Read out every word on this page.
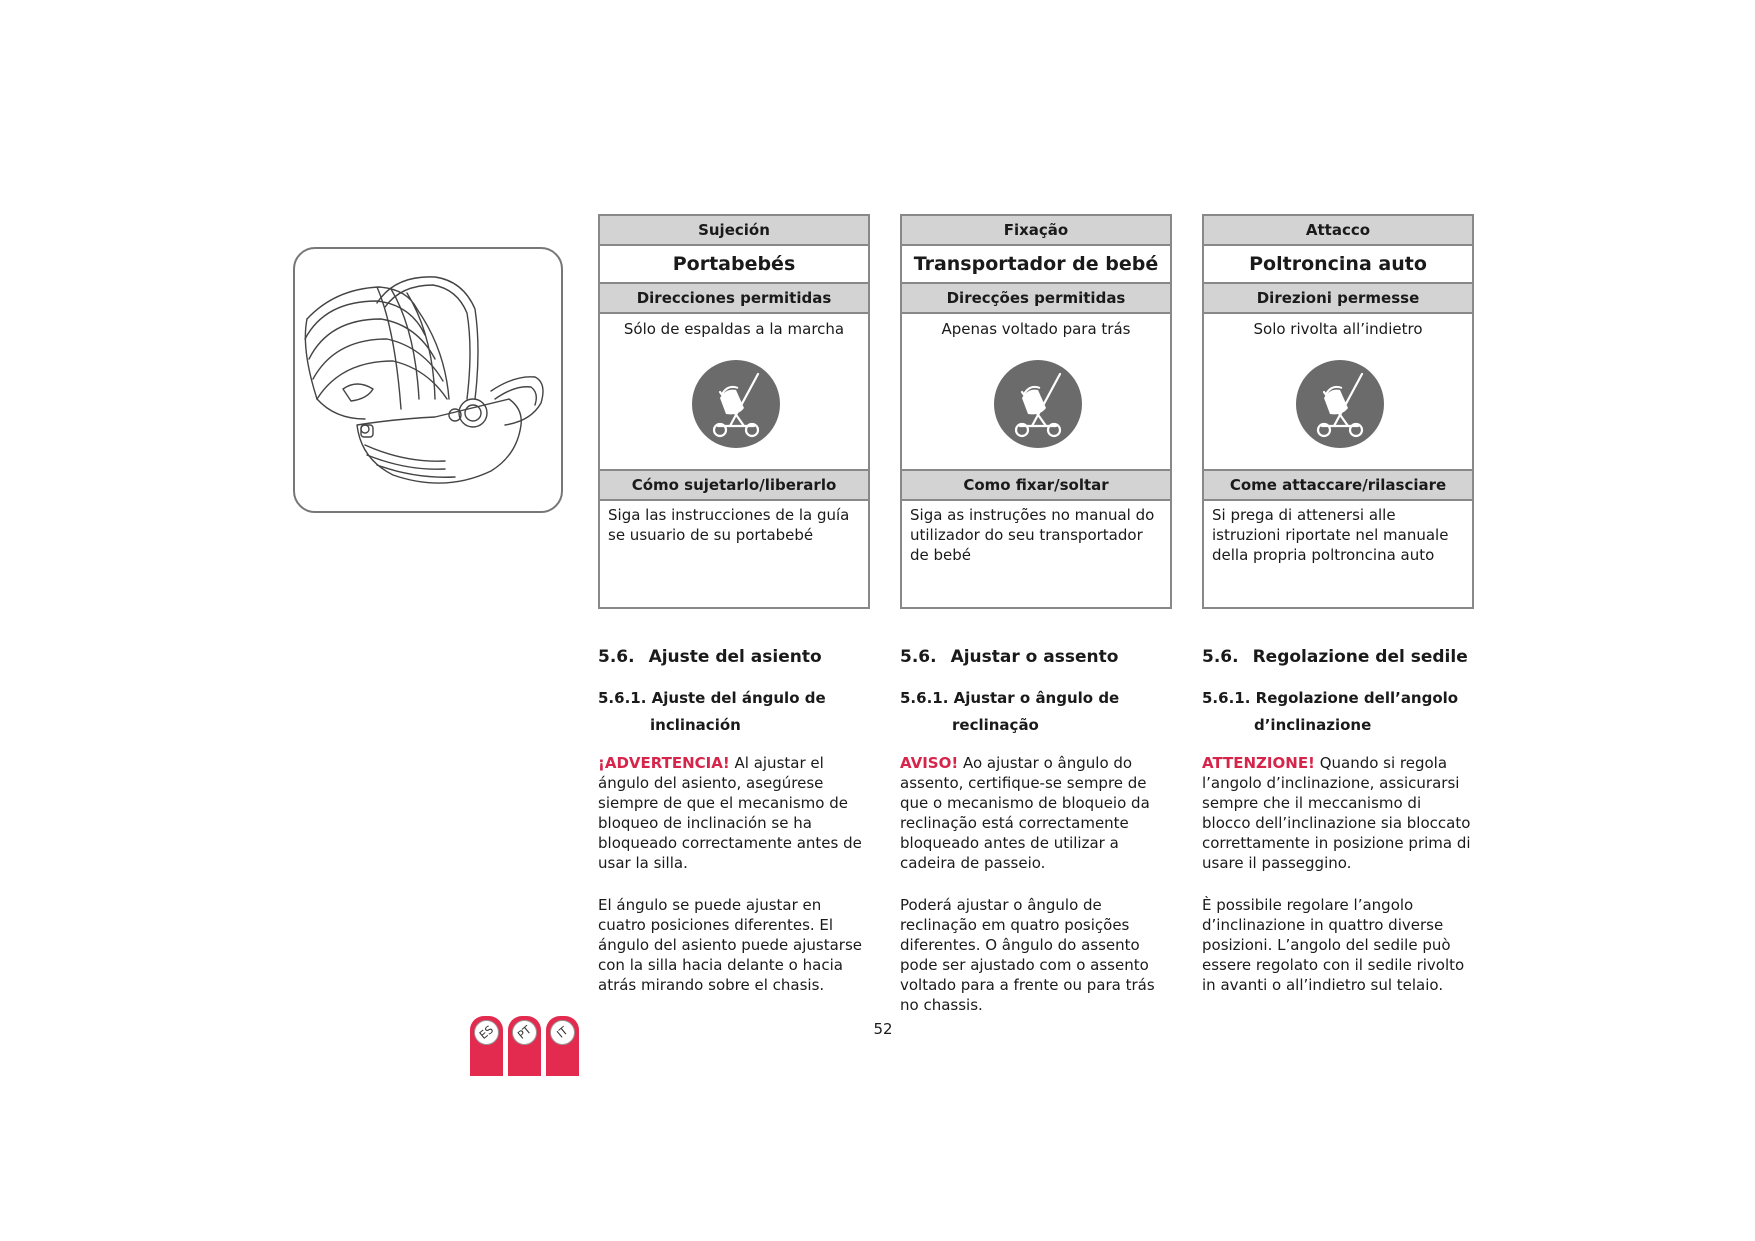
Sujeción
Portabebés
Direcciones permitidas
Sólo de espaldas a la marcha
Cómo sujetarlo/liberarlo
Siga las instrucciones de la guía se usuario de su portabebé
5.6. Ajuste del asiento
5.6.1. Ajuste del ángulo de
inclinación
¡ADVERTENCIA! Al ajustar el ángulo del asiento, asegúrese siempre de que el mecanismo de bloqueo de inclinación se ha bloqueado correctamente antes de usar la silla.
El ángulo se puede ajustar en cuatro posiciones diferentes. El ángulo del asiento puede ajustarse con la silla hacia delante o hacia atrás mirando sobre el chasis.
Fixação
Transportador de bebé
Direcções permitidas
Apenas voltado para trás
Como fixar/soltar
Siga as instruções no manual do utilizador do seu transportador de bebé
5.6. Ajustar o assento
5.6.1. Ajustar o ângulo de
reclinação
AVISO! Ao ajustar o ângulo do assento, certifique-se sempre de que o mecanismo de bloqueio da reclinação está correctamente bloqueado antes de utilizar a cadeira de passeio.
Poderá ajustar o ângulo de reclinação em quatro posições diferentes. O ângulo do assento pode ser ajustado com o assento voltado para a frente ou para trás no chassis.
Attacco
Poltroncina auto
Direzioni permesse
Solo rivolta all’indietro
Come attaccare/rilasciare
Si prega di attenersi alle istruzioni riportate nel manuale della propria poltroncina auto
5.6. Regolazione del sedile
5.6.1. Regolazione dell’angolo
d’inclinazione
ATTENZIONE! Quando si regola l’angolo d’inclinazione, assicurarsi sempre che il meccanismo di blocco dell’inclinazione sia bloccato correttamente in posizione prima di usare il passeggino.
È possibile regolare l’angolo d’inclinazione in quattro diverse posizioni. L’angolo del sedile può essere regolato con il sedile rivolto in avanti o all’indietro sul telaio.
ES	PT	IT	52
